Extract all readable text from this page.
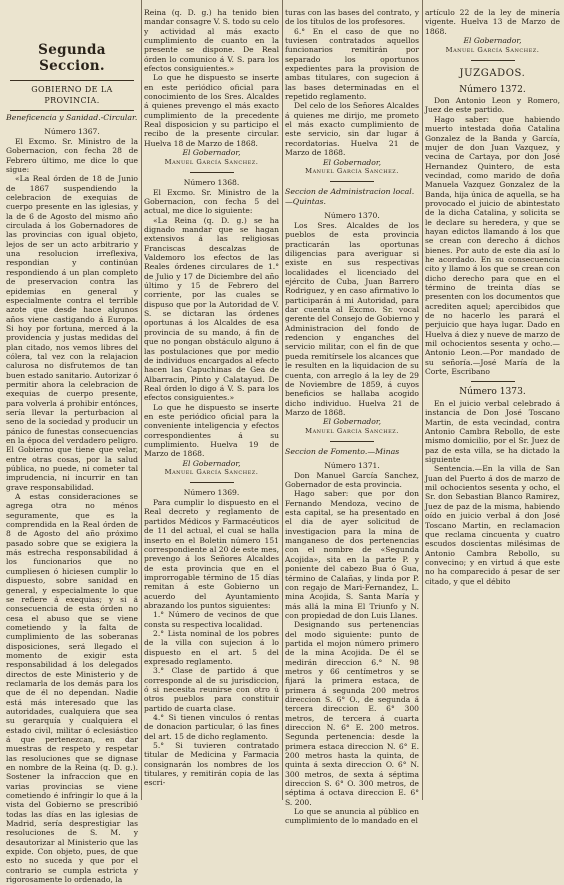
Segunda Seccion.
GOBIERNO DE LA PROVINCIA.
Beneficencia y Sanidad.-Circular.
Número 1367.

El Excmo. Sr. Ministro de la Gobernacion, con fecha 28 de Febrero último, me dice lo que sigue:

«La Real órden de 18 de Junio de 1867 suspendiendo la celebracion de exequias de cuerpo presente en las iglesias, y la de 6 de Agosto del mismo año circulada á los Gobernadores de las provincias con igual objeto, lejos de ser un acto arbitrario y una resolucion irreflexiva, respondian y continúan respondiendo á un plan completo de preservacion contra las epidemias en general y especialmente contra el terrible azote que desde hace algunos años viene castigando á Europa. Si hoy por fortuna, merced á la providencia y justas medidas del plan citado, nos vemos libres del cólera, tal vez con la relajacion calurosa no disfrutemos de tan buen estado sanitario. Autorizar ó permitir ahora la celebracion de exequias de cuerpo presente, para volverla á prohibir entónces, sería llevar la perturbacion al seno de la sociedad y producir un pánico de funestas consecuencias en la época del verdadero peligro. El Gobierno que tiene que velar, entre otras cosas, por la salud pública, no puede, ni cometer tal imprudencia, ni incurrir en tan grave responsabilidad.

A estas consideraciones se agrega otra no ménos seguramente, que es la comprendida en la Real órden de 8 de Agosto del año próximo pasado sobre que se exigiera la más estrecha responsabilidad á los funcionarios que no cumpliesen ó hiciesen cumplir lo dispuesto, sobre sanidad en general, y especialmente lo que se refiere á exequias; y si á consecuencia de esta órden no cesa el abuso que se viene cometiendo y la falta de cumplimiento de las soberanas disposiciones, será llegado el momento de exigir esta responsabilidad á los delegados directos de este Ministerio y de reclamarla de los demás para los que de él no dependan. Nadie está más interesado que las autoridades, cualquiera que sea su gerarquía y cualquiera el estado civil, militar ó eclesiástico á que pertenezcan, en dar muestras de respeto y respetar las resoluciones que se dignase en nombre de la Reina (q. D. g.). Sostener la infraccion que en varias provincias se viene cometiendo é infringir lo que á la vista del Gobierno se prescribió todas las días en las iglesias de Madrid, sería desprestigiar las resoluciones de S. M. y desautorizar al Ministerio que las expide. Con objeto, pues, de que esto no suceda y que por el contrario se cumpla estricta y rigorosamente lo ordenado, la

Reina (q. D. g.) ha tenido bien mandar consagre V. S. todo su celo y actividad al más exacto cumplimiento de cuanto en la presente se dispone. De Real órden lo comunico á V. S. para los efectos consiguientes.»

Lo que he dispuesto se inserte en este periódico oficial para conocimiento de los Sres. Alcaldes á quienes prevengo el más exacto cumplimiento de la precedente Real disposicion y su participo el recibo de la presente circular. Huelva 18 de Marzo de 1868.

El Gobernador,
Manuel García Sanchez.
Número 1368.

El Excmo. Sr. Ministro de la Gobernacion, con fecha 5 del actual, me dice lo siguiente:

«La Reina (q. D. g.) se ha dignado mandar que se hagan extensivos á las religiosas Franciscas descalzas de Valdemoro los efectos de las Reales órdenes circulares de 1.° de Julio y 17 de Diciembre del año último y 15 de Febrero del corriente, por las cuales se dispuso que por la Autoridad de V. S. se dictaran las órdenes oportunas á los Alcaldes de esa provincia de su mando, á fin de que no pongan obstáculo alguno á las postulaciones que por medio de individuos encargados al efecto hacen las Capuchinas de Gea de Albarracin, Pinto y Calatayud. De Real órden lo digo á V. S. para los efectos consiguientes.»

Lo que he dispuesto se inserte en este periódico oficial para la conveniente inteligencia y efectos correspondientes á su cumplimiento. Huelva 19 de Marzo de 1868.

El Gobernador,
Manuel García Sanchez.
Número 1369.

Para cumplir lo dispuesto en el Real decreto y reglamento de partidos Médicos y Farmacéuticos de 11 del actual, el cual se halla inserto en el Boletin número 151 correspondiente al 20 de este mes, prevengo á los Señores Alcaldes de esta provincia que en el improrrogable término de 15 días remitan á este Gobierno un acuerdo del Ayuntamiento abrazando los puntos siguientes:

1.° Número de vecinos de que consta su respectiva localidad.

2.° Lista nominal de los pobres de la villa con sujecion á lo dispuesto en el art. 5 del expresado reglamento.

3.° Clase de partido á que corresponde al de su jurisdiccion, ó si necesita reunirse con otro ú otros pueblos para constituir partido de cuarta clase.

4.° Si tienen vinculos ó rentas de donacion particular, ó las fines del art. 15 de dicho reglamento.

5.° Si tuvieren contratado titular de Medicina y Farmacia consignarán los nombres de los titulares, y remitirán copia de las escri-

turas con las bases del contrato, y de los títulos de los profesores.

6.° En el caso de que no tuviesen contratados aquellos funcionarios remitirán por separado los oportunos expedientes para la provision de ambas titulares, con sugecion á las bases determinadas en el repetido reglamento.

Del celo de los Señores Alcaldes á quienes me dirijo, me prometo el más exacto cumplimiento de este servicio, sin dar lugar á recordatorias. Huelva 21 de Marzo de 1868.

El Gobernador,
Manuel García Sanchez.
Seccion de Administracion local.—Quintas.
Número 1370.

Los Sres. Alcaldes de los pueblos de esta provincia practicarán las oportunas diligencias para averiguar si existe en sus respectivas localidades el licenciado del ejército de Cuba, Juan Barrero Rodriguez, y en caso afirmativo lo participarán á mi Autoridad, para dar cuenta al Excmo. Sr. vocal gerente del Consejo de Gobierno y Administracion del fondo de redencion y enganches del servicio militar, con el fin de que pueda remitírsele los alcances que le resulten en la liquidacion de su cuenta, con arreglo á la ley de 29 de Noviembre de 1859, á cuyos beneficios se hallaba acogido dicho individuo. Huelva 21 de Marzo de 1868.

El Gobernador,
Manuel García Sanchez.
Seccion de Fomento.—Minas
Número 1371.

Don Manuel García Sanchez, Gobernador de esta provincia.

Hago saber: que por don Fernando Mendoza, vecino de esta capital, se ha presentado en el dia de ayer solicitud de investigacion para la mina de manganeso de dos pertenencias con el nombre de «Segunda Acojida», sita en la parte P. y poniente del cabezo Bua ó Gua, término de Calañas, y linda por P. con regajo de Mari-Fernandez, L. mina Acojida, S. Santa María y más allá la mina El Triunfo y N. con propiedad de don Luis Llanes.

Designando sus pertenencias del modo siguiente: punto de partida el mojon número primero de la mina Acojida. De él se medirán direccion 6.° N. 98 metros y 66 centímetros y se fijará la primera estaca, de primera á segunda 200 metros direccion S. 6° O., de segunda á tercera direccion E. 6° 300 metros, de tercera á cuarta direccion N. 6° E. 200 metros. Segunda pertenencia: desde la primera estaca direccion N. 6° E. 200 metros hasta la quinta, de quinta á sexta direccion O. 6° N. 300 metros, de sexta á séptima direccion S. 6° O. 300 metros, de séptima á octava direccion E. 6° S. 200.

Lo que se anuncia al público en cumplimiento de lo mandado en el

artículo 22 de la ley de minería vigente. Huelva 13 de Marzo de 1868.

El Gobernador,
Manuel García Sanchez.
JUZGADOS.
Número 1372.

Don Antonio Leon y Romero, Juez de este partido.

Hago saber: que habiendo muerto intestada doña Catalina Gonzalez de la Banda y García, mujer de don Juan Vazquez, y vecina de Cartaya, por don José Hernandez Quintero, de esta vecindad, como marido de doña Manuela Vazquez Gonzalez de la Banda, hija única de aquella, se ha provocado el juicio de abintestato de la dicha Catalina, y solicita se le declare su heredera, y que se hayan edictos llamando á los que se crean con derecho á dichos bienes. Por auto de este dia así lo he acordado. En su consecuencia cito y llamo á los que se crean con dicho derecho para que en el término de treinta días se presenten con los documentos que acrediten aquel; apercibidos que de no hacerlo les parará el perjuicio que haya lugar. Dado en Huelva á diez y nueve de marzo de mil ochocientos sesenta y ocho.—Antonio Leon.—Por mandado de su señoría.—José María de la Corte, Escribano

Número 1373.

En el juicio verbal celebrado á instancia de Don José Toscano Martin, de esta vecindad, contra Antonio Cambra Rebollo, de este mismo domicilio, por el Sr. Juez de paz de esta villa, se ha dictado la siguiente

Sentencia.—En la villa de San Juan del Puerto á dos de marzo de mil ochocientos sesenta y ocho, el Sr. don Sebastian Blanco Ramirez, Juez de paz de la misma, habiendo oído en juicio verbal á don José Toscano Martin, en reclamacion que reclama cincuenta y cuatro escudos doscientas milésimas de Antonio Cambra Rebollo, su convecino; y en virtud á que este no ha comparecido á pesar de ser citado, y que el débito
